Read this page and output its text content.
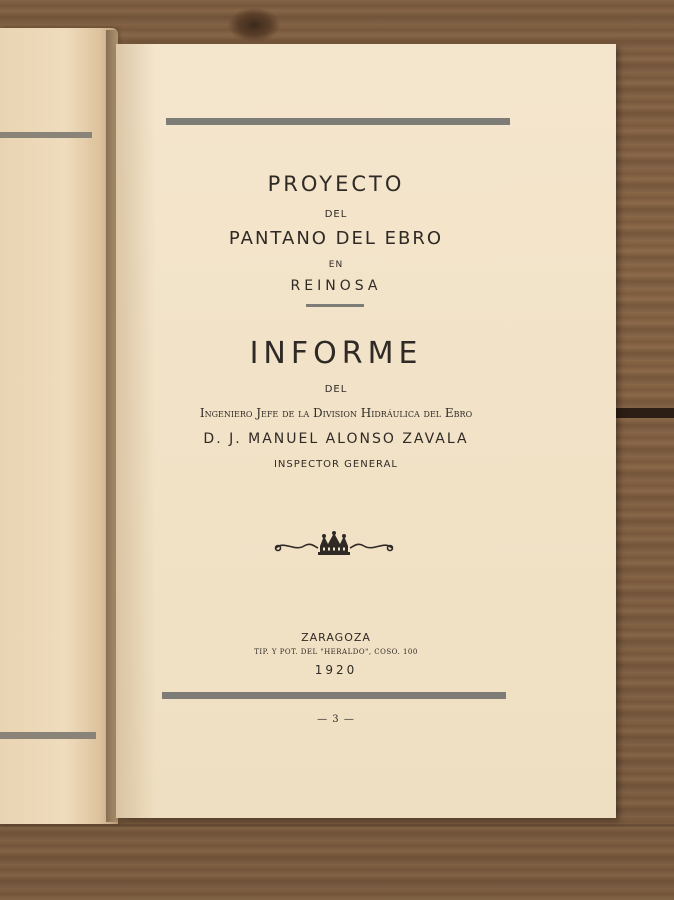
PROYECTO
DEL
PANTANO DEL EBRO
EN
REINOSA
INFORME
DEL
Ingeniero Jefe de la Division Hidráulica del Ebro
D. J. MANUEL ALONSO ZAVALA
INSPECTOR GENERAL
ZARAGOZA
TIP. Y POT. DEL "HERALDO", COSO. 100
1920
— 3 —
